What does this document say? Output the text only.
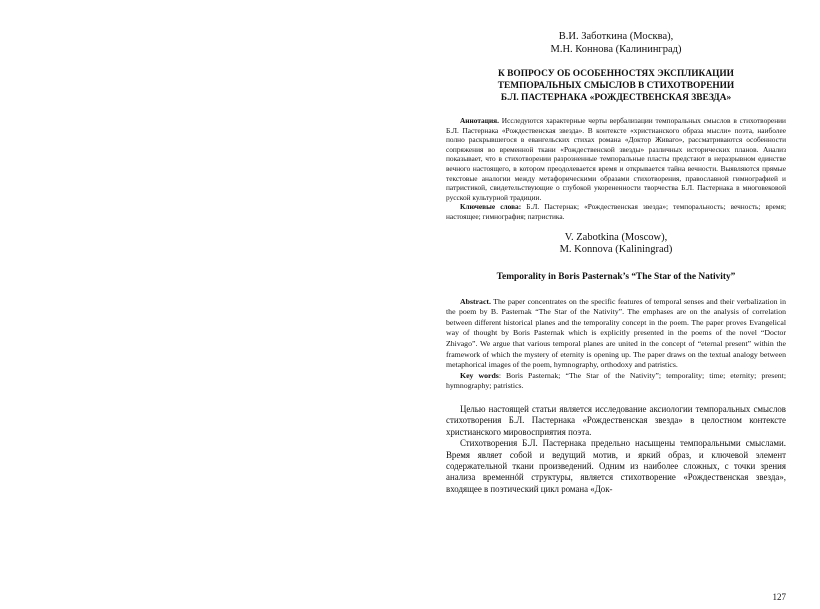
В.И. Заботкина (Москва),
М.Н. Коннова (Калининград)
К ВОПРОСУ ОБ ОСОБЕННОСТЯХ ЭКСПЛИКАЦИИ
ТЕМПОРАЛЬНЫХ СМЫСЛОВ В СТИХОТВОРЕНИИ
Б.Л. ПАСТЕРНАКА «РОЖДЕСТВЕНСКАЯ ЗВЕЗДА»
Аннотация. Исследуются характерные черты вербализации темпоральных смыслов в стихотворении Б.Л. Пастернака «Рождественская звезда». В контексте «христианского образа мысли» поэта, наиболее полно раскрывшегося в евангельских стихах романа «Доктор Живаго», рассматриваются особенности сопряжения во временной ткани «Рождественской звезды» различных исторических планов. Анализ показывает, что в стихотворении разрозненные темпоральные пласты предстают в неразрывном единстве вечного настоящего, в котором преодолевается время и открывается тайна вечности. Выявляются прямые текстовые аналогии между метафорическими образами стихотворения, православной гимнографией и патристикой, свидетельствующие о глубокой укорененности творчества Б.Л. Пастернака в многовековой русской культурной традиции.
Ключевые слова: Б.Л. Пастернак; «Рождественская звезда»; темпоральность; вечность; время; настоящее; гимнография; патристика.
V. Zabotkina (Moscow),
M. Konnova (Kaliningrad)
Temporality in Boris Pasternak’s “The Star of the Nativity”
Abstract. The paper concentrates on the specific features of temporal senses and their verbalization in the poem by B. Pasternak “The Star of the Nativity”. The emphases are on the analysis of correlation between different historical planes and the temporality concept in the poem. The paper proves Evangelical way of thought by Boris Pasternak which is explicitly presented in the poems of the novel “Doctor Zhivago”. We argue that various temporal planes are united in the concept of “eternal present” within the framework of which the mystery of eternity is opening up. The paper draws on the textual analogy between metaphorical images of the poem, hymnography, orthodoxy and patristics.
Key words: Boris Pasternak; “The Star of the Nativity”; temporality; time; eternity; present; hymnography; patristics.

Целью настоящей статьи является исследование аксиологии темпоральных смыслов стихотворения Б.Л. Пастернака «Рождественская звезда» в целостном контексте христианского мировосприятия поэта.

Стихотворения Б.Л. Пастернака предельно насыщены темпоральными смыслами. Время являет собой и ведущий мотив, и яркий образ, и ключевой элемент содержательной ткани произведений. Одним из наиболее сложных, с точки зрения анализа временнóй структуры, является стихотворение «Рождественская звезда», входящее в поэтический цикл романа «Док-

127
